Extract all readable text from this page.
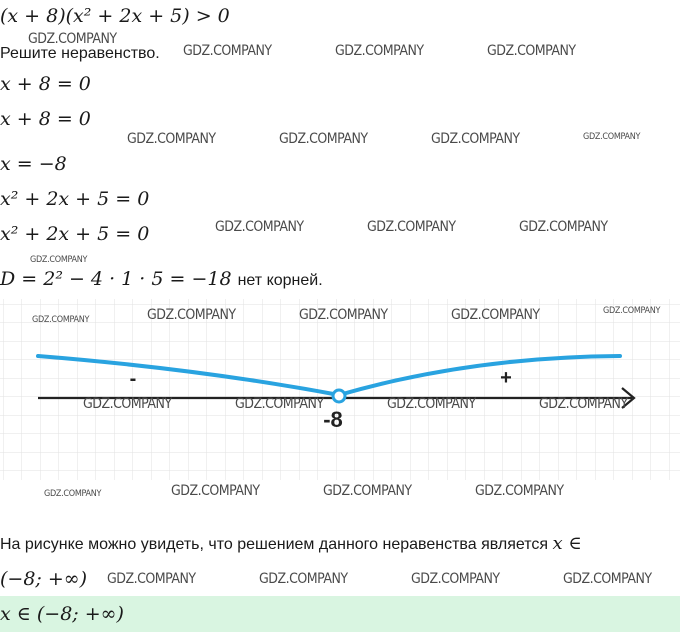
(x + 8)(x² + 2x + 5) > 0
Решите неравенство.
x + 8 = 0
x + 8 = 0
x = −8
x² + 2x + 5 = 0
x² + 2x + 5 = 0
D = 2² − 4 · 1 · 5 = −18 нет корней.
-8
-	+
На рисунке можно увидеть, что решением данного неравенства является x ∈
(−8; +∞)
x ∈ (−8; +∞)
GDZ.COMPANY
GDZ.COMPANY	GDZ.COMPANY	GDZ.COMPANY
GDZ.COMPANY	GDZ.COMPANY	GDZ.COMPANY	GDZ.COMPANY
GDZ.COMPANY	GDZ.COMPANY	GDZ.COMPANY
GDZ.COMPANY
GDZ.COMPANY	GDZ.COMPANY	GDZ.COMPANY	GDZ.COMPANY	GDZ.COMPANY
GDZ.COMPANY	GDZ.COMPANY	GDZ.COMPANY	GDZ.COMPANY
GDZ.COMPANY	GDZ.COMPANY	GDZ.COMPANY	GDZ.COMPANY
GDZ.COMPANY	GDZ.COMPANY	GDZ.COMPANY	GDZ.COMPANY
